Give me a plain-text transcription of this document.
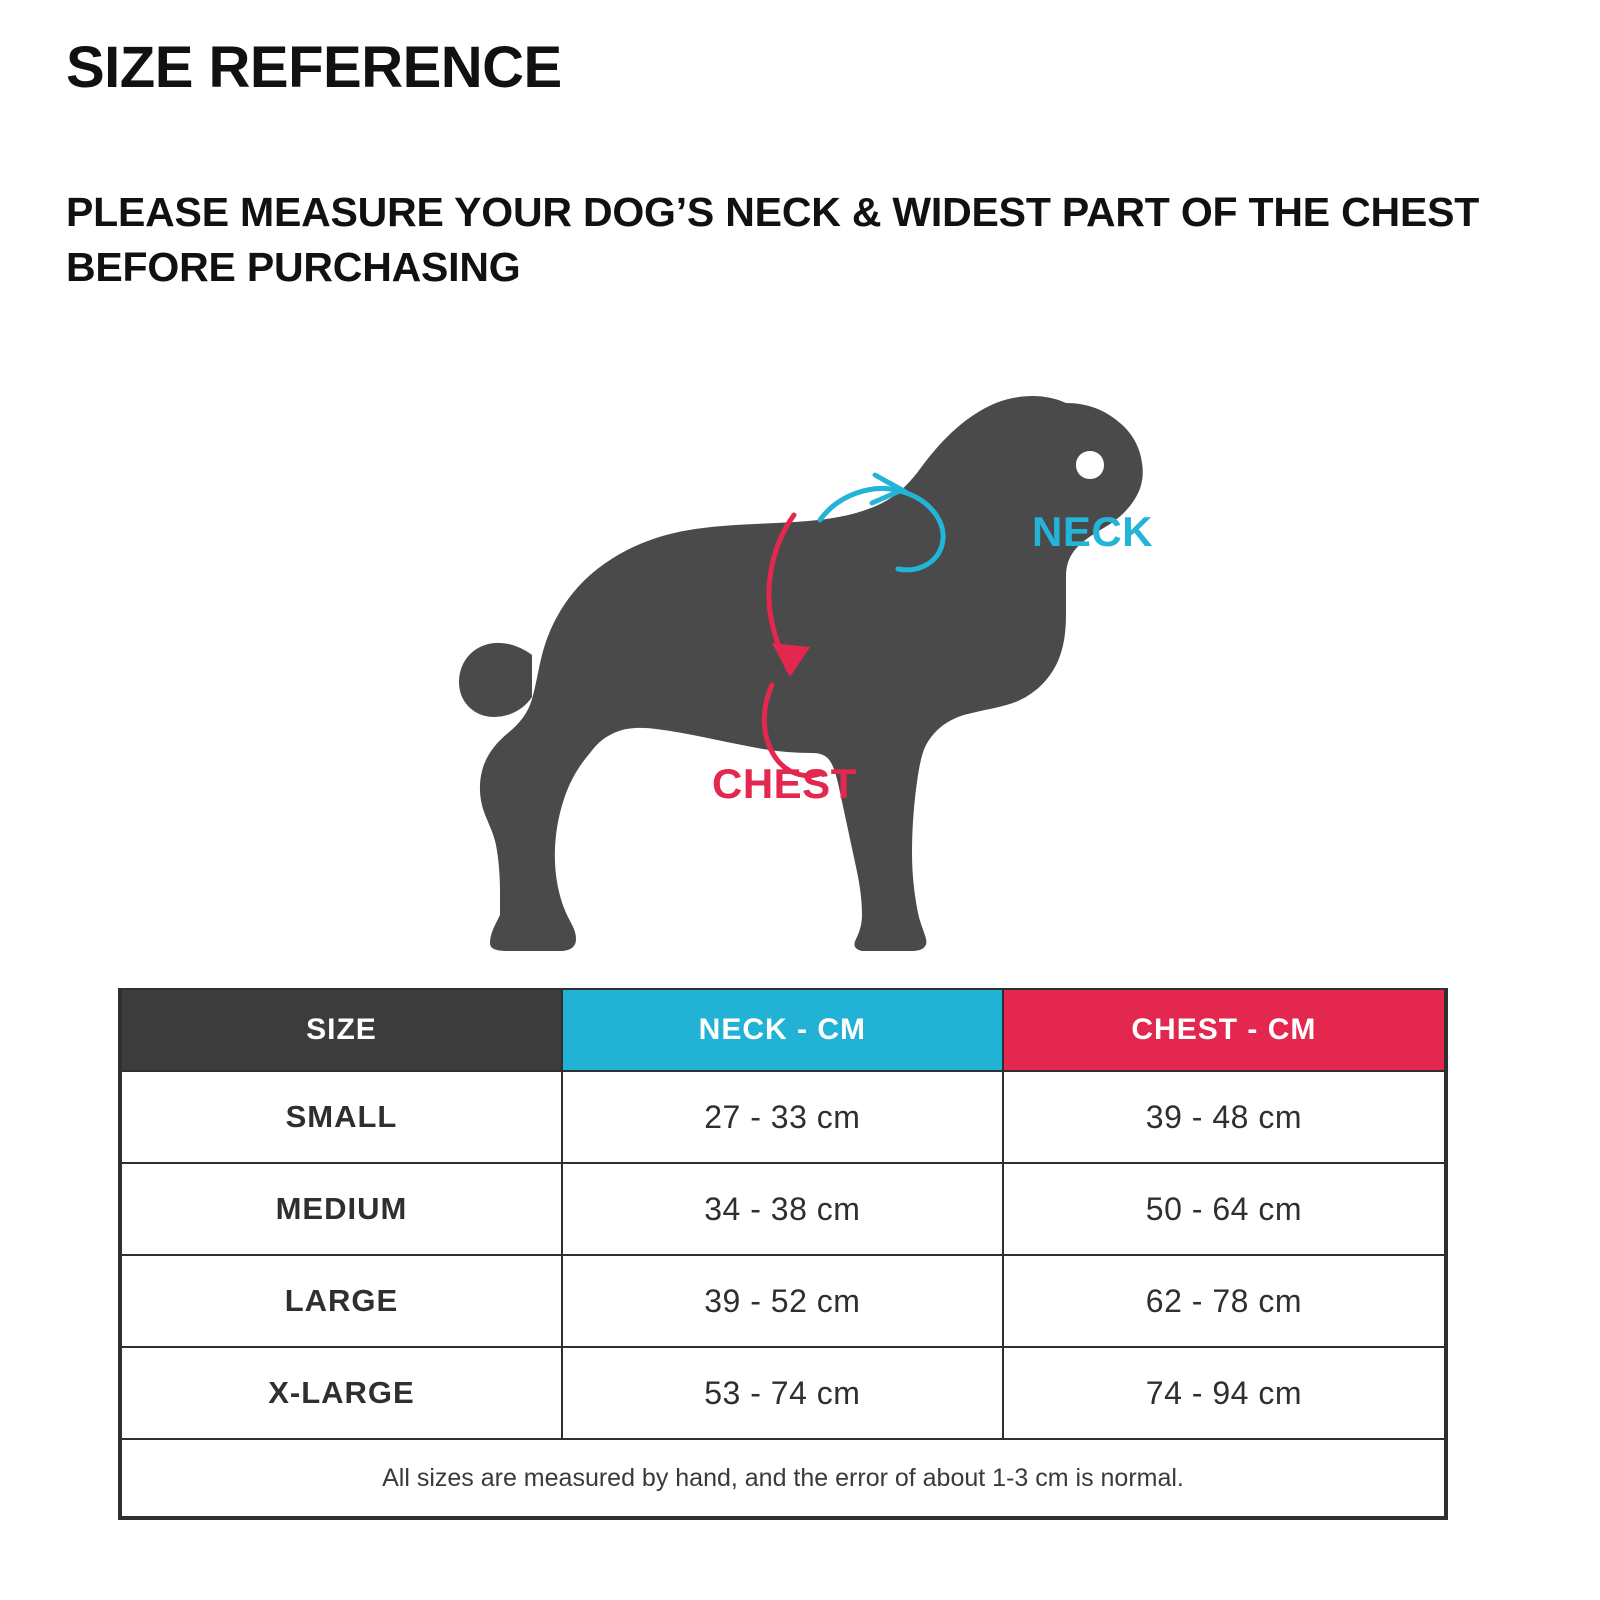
SIZE REFERENCE
PLEASE MEASURE YOUR DOG’S NECK & WIDEST PART OF THE CHEST BEFORE PURCHASING
NECK
CHEST
SIZE	NECK - CM	CHEST - CM
SMALL	27 - 33 cm	39 - 48 cm
MEDIUM	34 - 38 cm	50 - 64 cm
LARGE	39 - 52 cm	62 - 78 cm
X-LARGE	53 - 74 cm	74 - 94 cm
All sizes are measured by hand, and the error of about 1-3 cm is normal.		
